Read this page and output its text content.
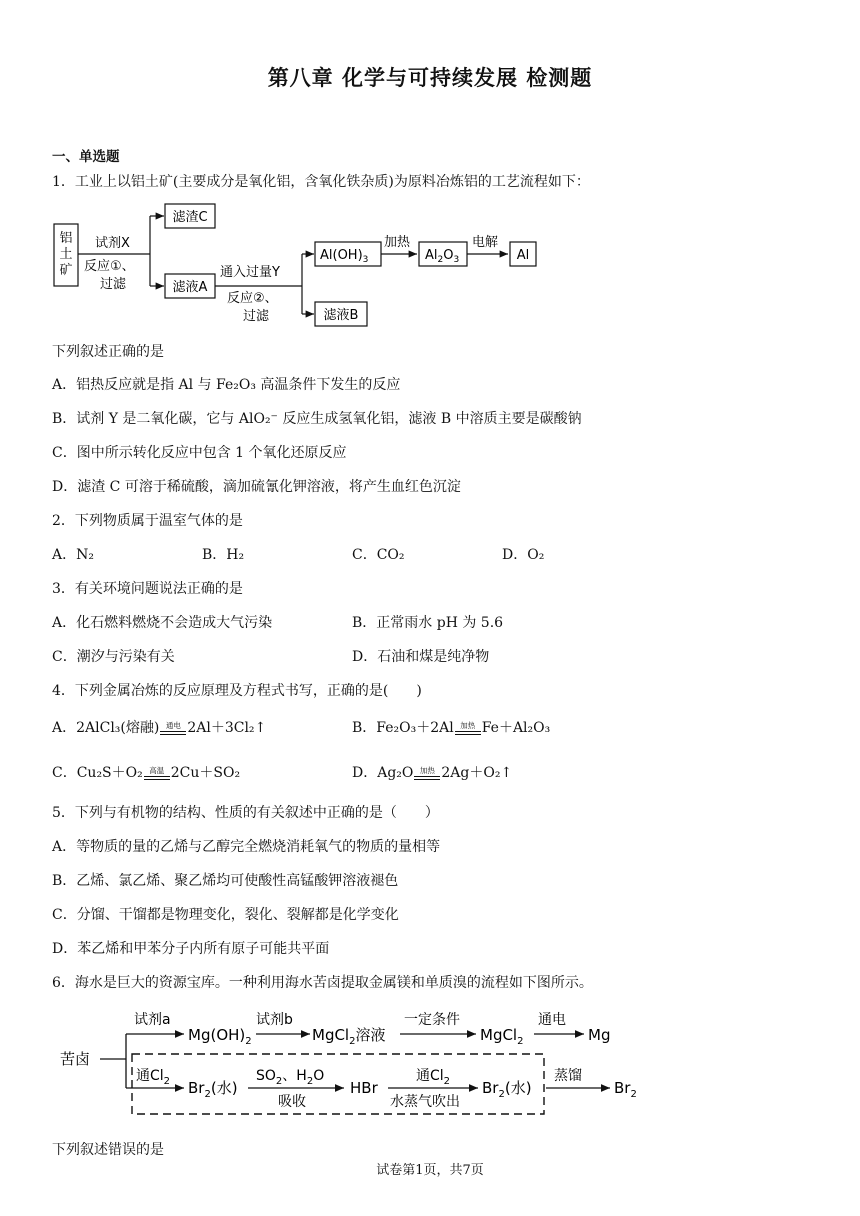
第八章 化学与可持续发展 检测题
一、单选题
1．工业上以铝土矿(主要成分是氧化铝，含氧化铁杂质)为原料冶炼铝的工艺流程如下：
铝
土
矿
试剂X
反应①、
过滤
滤渣C
滤液A
通入过量Y
反应②、
过滤
$Al(OH)_3$
加热
$Al_2O_3$
电解
Al
滤液B
下列叙述正确的是
A．铝热反应就是指 Al 与 Fe₂O₃ 高温条件下发生的反应
B．试剂 Y 是二氧化碳，它与 AlO₂⁻ 反应生成氢氧化铝，滤液 B 中溶质主要是碳酸钠
C．图中所示转化反应中包含 1 个氧化还原反应
D．滤渣 C 可溶于稀硫酸，滴加硫氰化钾溶液，将产生血红色沉淀
2．下列物质属于温室气体的是
A．N₂	B．H₂	C．CO₂	D．O₂
3．有关环境问题说法正确的是
A．化石燃料燃烧不会造成大气污染	B．正常雨水 pH 为 5.6
C．潮汐与污染有关	D．石油和煤是纯净物
4．下列金属冶炼的反应原理及方程式书写，正确的是(　　)
A．2AlCl₃(熔融) 通电 2Al＋3Cl₂↑	B．Fe₂O₃＋2Al 加热 Fe＋Al₂O₃
C．Cu₂S＋O₂ 高温 2Cu＋SO₂	D．Ag₂O 加热 2Ag＋O₂↑
5．下列与有机物的结构、性质的有关叙述中正确的是（　　）
A．等物质的量的乙烯与乙醇完全燃烧消耗氧气的物质的量相等
B．乙烯、氯乙烯、聚乙烯均可使酸性高锰酸钾溶液褪色
C．分馏、干馏都是物理变化，裂化、裂解都是化学变化
D．苯乙烯和甲苯分子内所有原子可能共平面
6．海水是巨大的资源宝库。一种利用海水苦卤提取金属镁和单质溴的流程如下图所示。
苦卤
试剂a
$Mg(OH)_2$
试剂b
MgCl$_2$溶液
一定条件
MgCl$_2$
通电
Mg
通$Cl_2$ $Br_2$(水)
$SO_2$、$H_2O$
吸收
HBr
通$Cl_2$
水蒸气吹出
$Br_2$(水)
蒸馏
$Br_2$
下列叙述错误的是
试卷第1页，共7页
